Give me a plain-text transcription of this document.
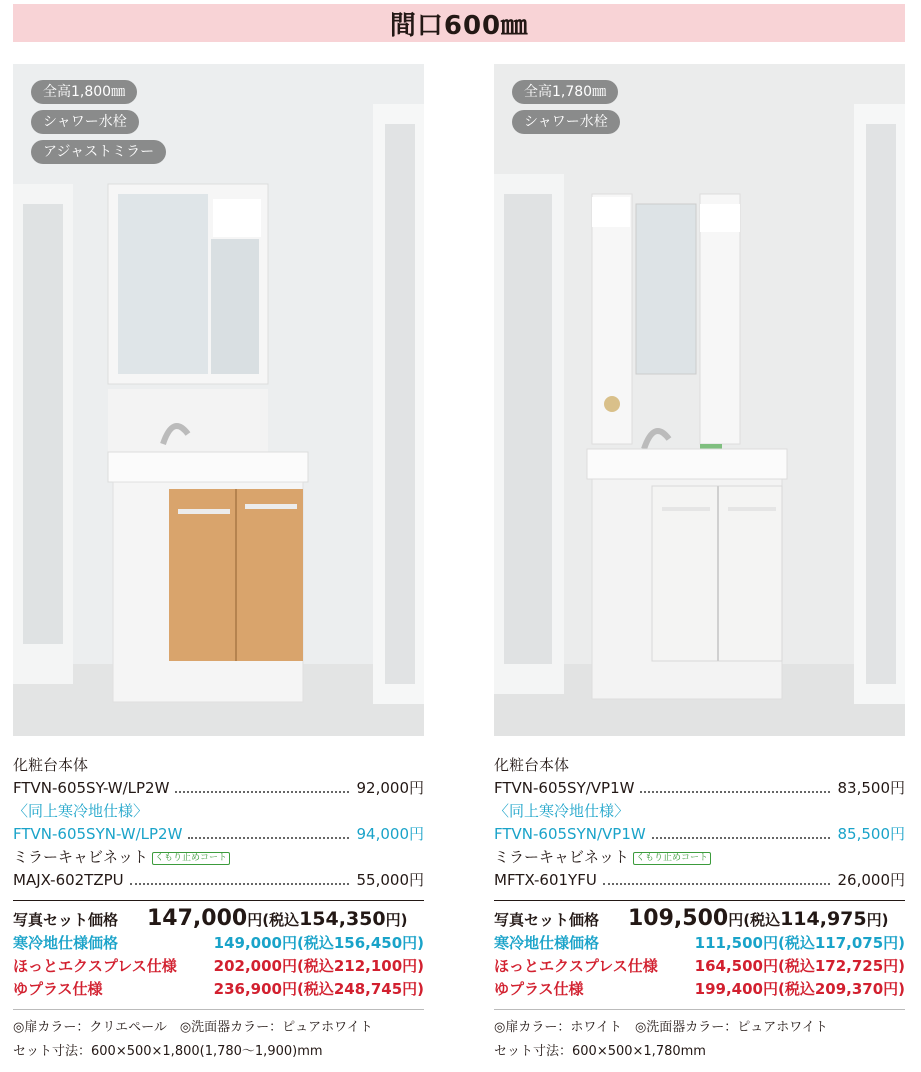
間口600㎜
全高1,800㎜
シャワー水栓
アジャストミラー
化粧台本体
FTVN-605SY-W/LP2W	92,000円
〈同上寒冷地仕様〉
FTVN-605SYN-W/LP2W	94,000円
ミラーキャビネット くもり止めコート
MAJX-602TZPU	55,000円
写真セット価格	147,000 円 (税込 154,350 円)
寒冷地仕様価格	149,000円(税込156,450円)
ほっとエクスプレス仕様 202,000円(税込212,100円)
ゆプラス仕様	236,900円(税込248,745円)
◎扉カラー：クリエペール　◎洗面器カラー：ピュアホワイト
セット寸法：600×500×1,800(1,780〜1,900)mm
全高1,780㎜
シャワー水栓
化粧台本体
FTVN-605SY/VP1W	83,500円
〈同上寒冷地仕様〉
FTVN-605SYN/VP1W	85,500円
ミラーキャビネット くもり止めコート
MFTX-601YFU	26,000円
写真セット価格	109,500 円 (税込 114,975 円)
寒冷地仕様価格	111,500円(税込117,075円)
ほっとエクスプレス仕様 164,500円(税込172,725円)
ゆプラス仕様	199,400円(税込209,370円)
◎扉カラー：ホワイト　◎洗面器カラー：ピュアホワイト
セット寸法：600×500×1,780mm
